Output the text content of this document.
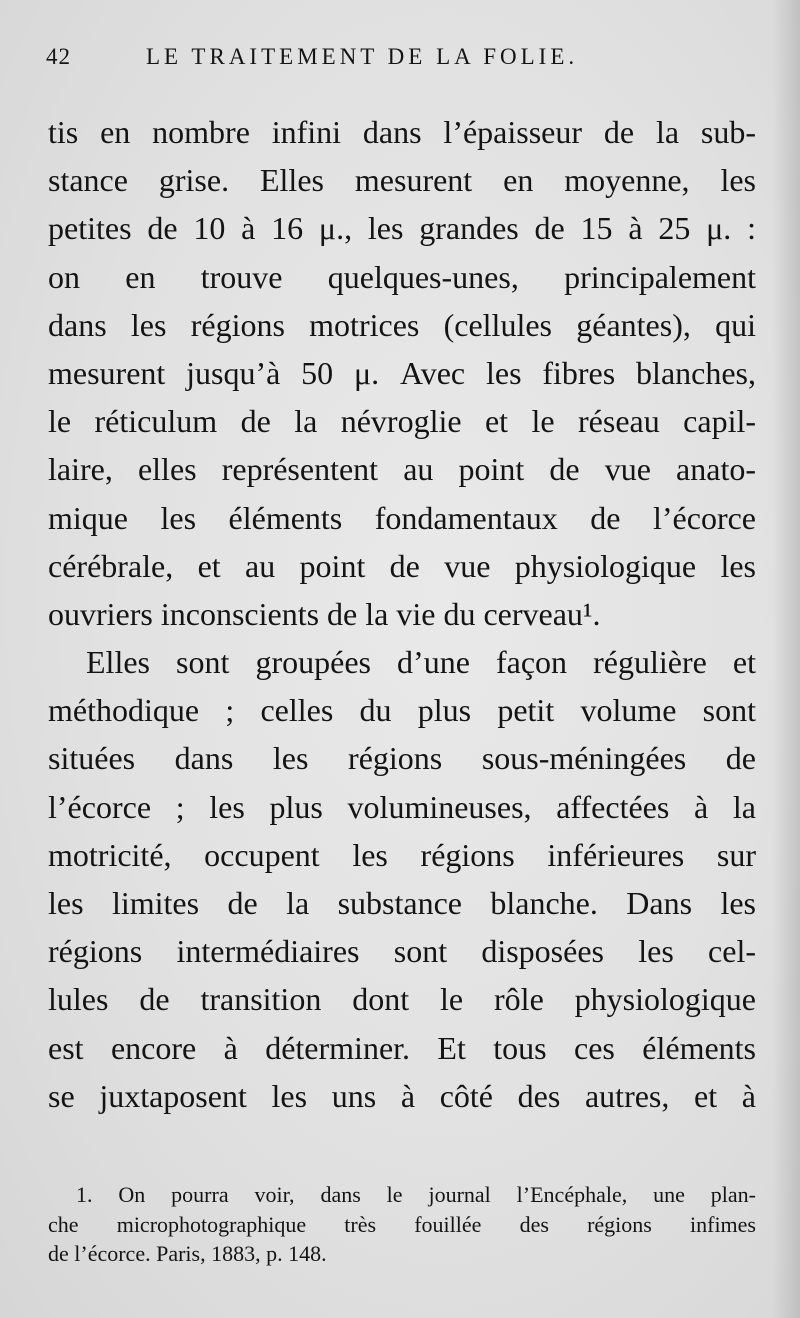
42	LE TRAITEMENT DE LA FOLIE.
tis en nombre infini dans l’épaisseur de la sub-
stance grise. Elles mesurent en moyenne, les
petites de 10 à 16 μ., les grandes de 15 à 25 μ. :
on en trouve quelques-unes, principalement
dans les régions motrices (cellules géantes), qui
mesurent jusqu’à 50 μ. Avec les fibres blanches,
le réticulum de la névroglie et le réseau capil-
laire, elles représentent au point de vue anato-
mique les éléments fondamentaux de l’écorce
cérébrale, et au point de vue physiologique les
ouvriers inconscients de la vie du cerveau¹.
Elles sont groupées d’une façon régulière et
méthodique ; celles du plus petit volume sont
situées dans les régions sous-méningées de
l’écorce ; les plus volumineuses, affectées à la
motricité, occupent les régions inférieures sur
les limites de la substance blanche. Dans les
régions intermédiaires sont disposées les cel-
lules de transition dont le rôle physiologique
est encore à déterminer. Et tous ces éléments
se juxtaposent les uns à côté des autres, et à
1. On pourra voir, dans le journal l’Encéphale, une plan-
che microphotographique très fouillée des régions infimes
de l’écorce. Paris, 1883, p. 148.
